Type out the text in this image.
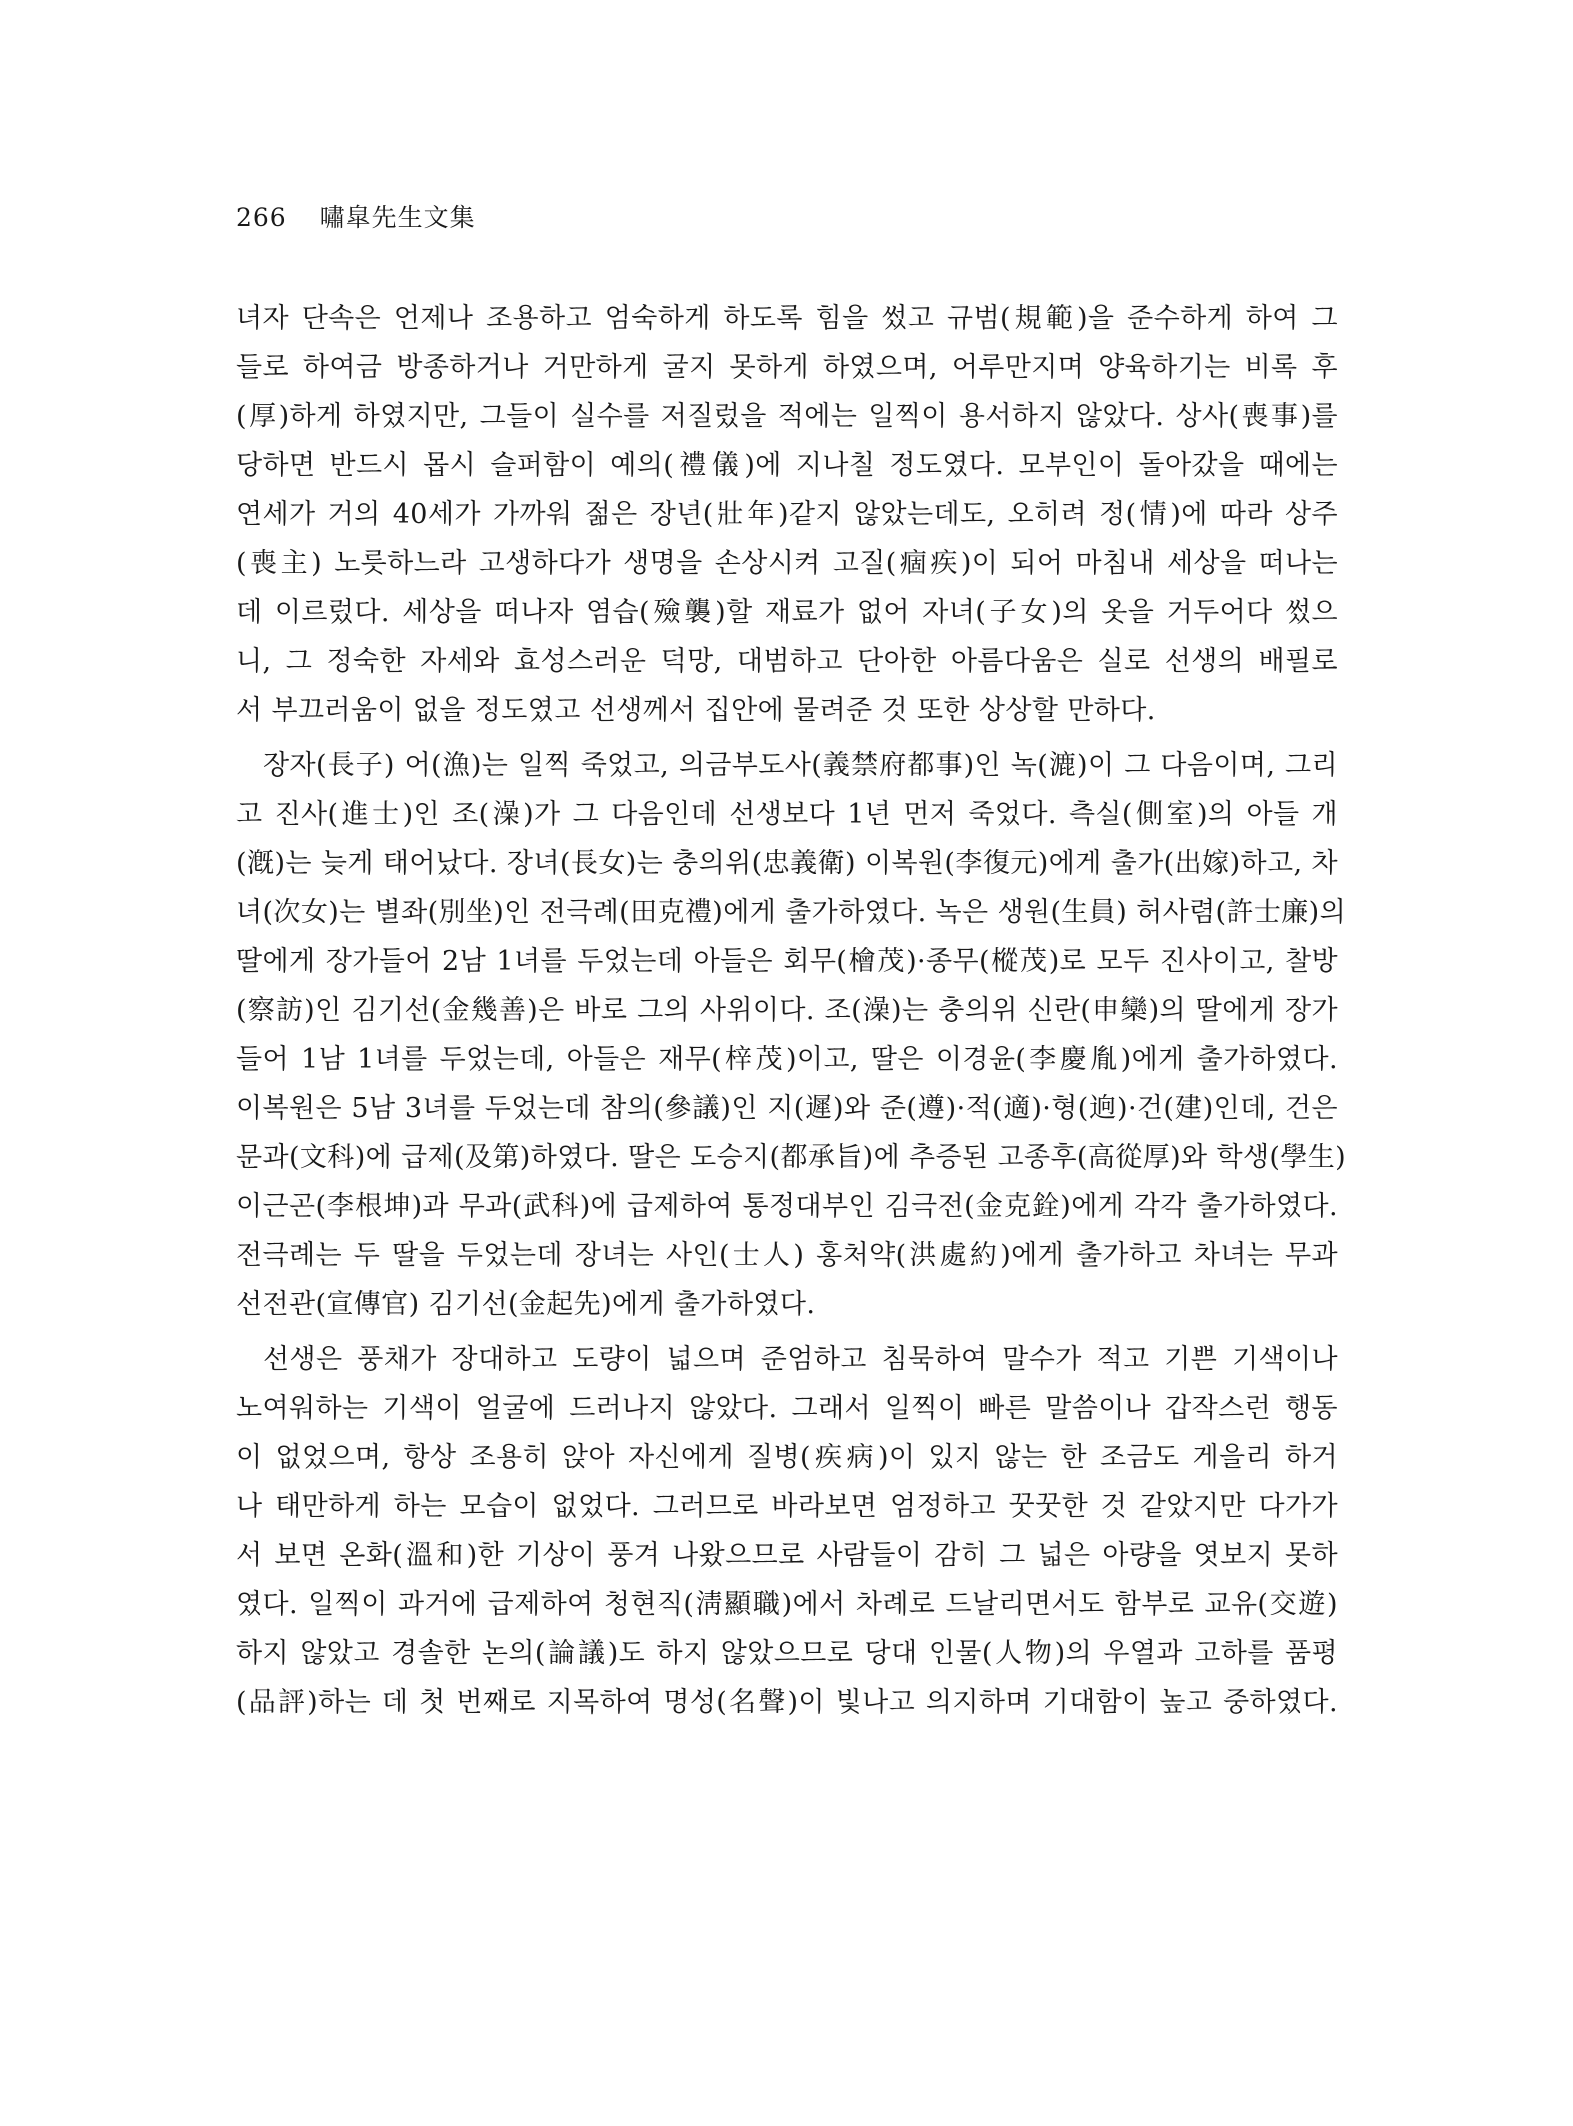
266 嘯皐先生文集

녀자 단속은 언제나 조용하고 엄숙하게 하도록 힘을 썼고 규범(規範)을 준수하게 하여 그
들로 하여금 방종하거나 거만하게 굴지 못하게 하였으며, 어루만지며 양육하기는 비록 후
(厚)하게 하였지만, 그들이 실수를 저질렀을 적에는 일찍이 용서하지 않았다. 상사(喪事)를
당하면 반드시 몹시 슬퍼함이 예의(禮儀)에 지나칠 정도였다. 모부인이 돌아갔을 때에는
연세가 거의 40세가 가까워 젊은 장년(壯年)같지 않았는데도, 오히려 정(情)에 따라 상주
(喪主) 노릇하느라 고생하다가 생명을 손상시켜 고질(痼疾)이 되어 마침내 세상을 떠나는
데 이르렀다. 세상을 떠나자 염습(殮襲)할 재료가 없어 자녀(子女)의 옷을 거두어다 썼으
니, 그 정숙한 자세와 효성스러운 덕망, 대범하고 단아한 아름다움은 실로 선생의 배필로
서 부끄러움이 없을 정도였고 선생께서 집안에 물려준 것 또한 상상할 만하다.

장자(長子) 어(漁)는 일찍 죽었고, 의금부도사(義禁府都事)인 녹(漉)이 그 다음이며, 그리
고 진사(進士)인 조(澡)가 그 다음인데 선생보다 1년 먼저 죽었다. 측실(側室)의 아들 개
(漑)는 늦게 태어났다. 장녀(長女)는 충의위(忠義衛) 이복원(李復元)에게 출가(出嫁)하고, 차
녀(次女)는 별좌(別坐)인 전극례(田克禮)에게 출가하였다. 녹은 생원(生員) 허사렴(許士廉)의
딸에게 장가들어 2남 1녀를 두었는데 아들은 회무(檜茂)·종무(樅茂)로 모두 진사이고, 찰방
(察訪)인 김기선(金幾善)은 바로 그의 사위이다. 조(澡)는 충의위 신란(申欒)의 딸에게 장가
들어 1남 1녀를 두었는데, 아들은 재무(梓茂)이고, 딸은 이경윤(李慶胤)에게 출가하였다.
이복원은 5남 3녀를 두었는데 참의(參議)인 지(遲)와 준(遵)·적(適)·형(逈)·건(建)인데, 건은
문과(文科)에 급제(及第)하였다. 딸은 도승지(都承旨)에 추증된 고종후(高從厚)와 학생(學生)
이근곤(李根坤)과 무과(武科)에 급제하여 통정대부인 김극전(金克銓)에게 각각 출가하였다.
전극례는 두 딸을 두었는데 장녀는 사인(士人) 홍처약(洪處約)에게 출가하고 차녀는 무과
선전관(宣傳官) 김기선(金起先)에게 출가하였다.

선생은 풍채가 장대하고 도량이 넓으며 준엄하고 침묵하여 말수가 적고 기쁜 기색이나
노여워하는 기색이 얼굴에 드러나지 않았다. 그래서 일찍이 빠른 말씀이나 갑작스런 행동
이 없었으며, 항상 조용히 앉아 자신에게 질병(疾病)이 있지 않는 한 조금도 게을리 하거
나 태만하게 하는 모습이 없었다. 그러므로 바라보면 엄정하고 꿋꿋한 것 같았지만 다가가
서 보면 온화(溫和)한 기상이 풍겨 나왔으므로 사람들이 감히 그 넓은 아량을 엿보지 못하
였다. 일찍이 과거에 급제하여 청현직(淸顯職)에서 차례로 드날리면서도 함부로 교유(交遊)
하지 않았고 경솔한 논의(論議)도 하지 않았으므로 당대 인물(人物)의 우열과 고하를 품평
(品評)하는 데 첫 번째로 지목하여 명성(名聲)이 빛나고 의지하며 기대함이 높고 중하였다.
